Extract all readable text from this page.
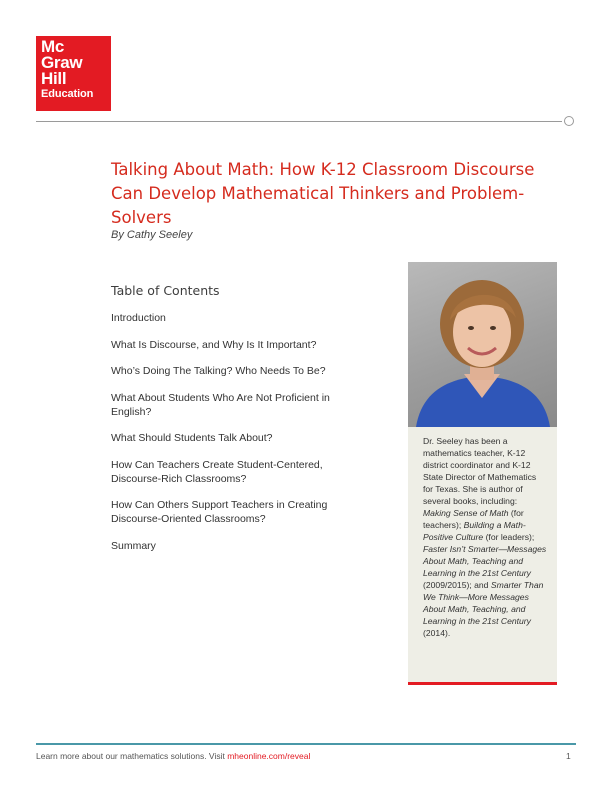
Mc
Graw
Hill
Education
Talking About Math: How K-12 Classroom Discourse Can Develop Mathematical Thinkers and Problem-Solvers
By Cathy Seeley
Table of Contents
Introduction
What Is Discourse, and Why Is It Important?
Who’s Doing The Talking? Who Needs To Be?
What About Students Who Are Not Proficient in English?
What Should Students Talk About?
How Can Teachers Create Student-Centered, Discourse-Rich Classrooms?
How Can Others Support Teachers in Creating Discourse-Oriented Classrooms?
Summary

Dr. Seeley has been a mathematics teacher, K-12 district coordinator and K-12 State Director of Mathematics for Texas. She is author of several books, including: Making Sense of Math (for teachers); Building a Math-Positive Culture (for leaders); Faster Isn’t Smarter—Messages About Math, Teaching and Learning in the 21st Century (2009/2015); and Smarter Than We Think—More Messages About Math, Teaching, and Learning in the 21st Century (2014).

Learn more about our mathematics solutions. Visit mheonline.com/reveal	1
